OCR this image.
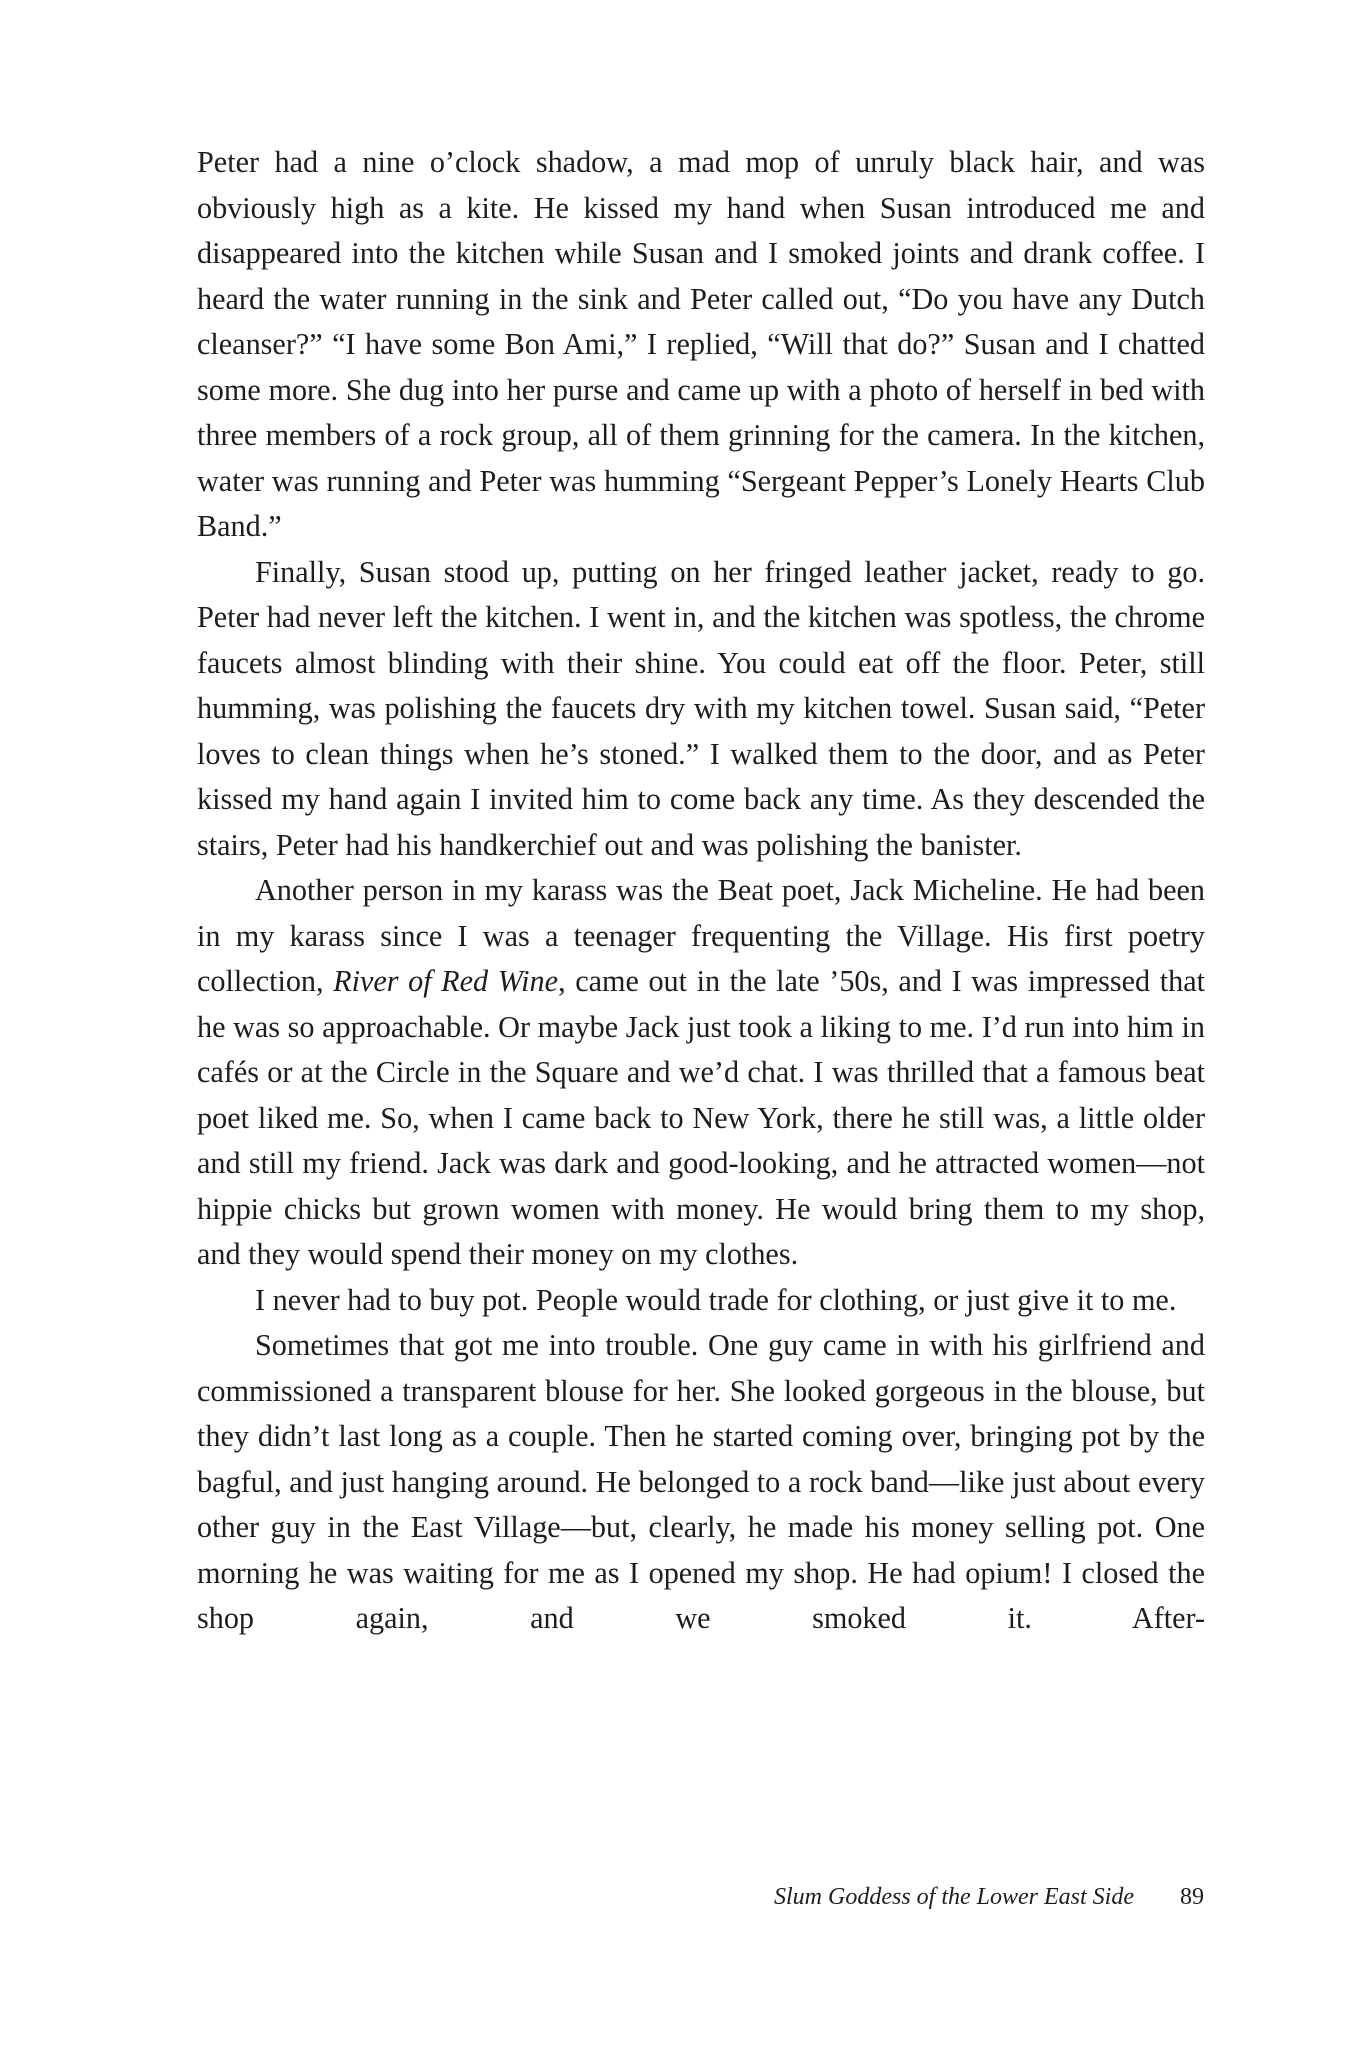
Peter had a nine o’clock shadow, a mad mop of unruly black hair, and was obviously high as a kite. He kissed my hand when Susan introduced me and disappeared into the kitchen while Susan and I smoked joints and drank coffee. I heard the water running in the sink and Peter called out, “Do you have any Dutch cleanser?” “I have some Bon Ami,” I replied, “Will that do?” Susan and I chatted some more. She dug into her purse and came up with a photo of herself in bed with three members of a rock group, all of them grinning for the camera. In the kitchen, water was running and Peter was humming “Sergeant Pepper’s Lonely Hearts Club Band.”

Finally, Susan stood up, putting on her fringed leather jacket, ready to go. Peter had never left the kitchen. I went in, and the kitchen was spotless, the chrome faucets almost blinding with their shine. You could eat off the floor. Peter, still humming, was polishing the faucets dry with my kitchen towel. Susan said, “Peter loves to clean things when he’s stoned.” I walked them to the door, and as Peter kissed my hand again I invited him to come back any time. As they descended the stairs, Peter had his handkerchief out and was polishing the banister.

Another person in my karass was the Beat poet, Jack Micheline. He had been in my karass since I was a teenager frequenting the Village. His first poetry collection, River of Red Wine, came out in the late ’50s, and I was impressed that he was so approachable. Or maybe Jack just took a liking to me. I’d run into him in cafés or at the Circle in the Square and we’d chat. I was thrilled that a famous beat poet liked me. So, when I came back to New York, there he still was, a little older and still my friend. Jack was dark and good-looking, and he attracted women—not hippie chicks but grown women with money. He would bring them to my shop, and they would spend their money on my clothes.

I never had to buy pot. People would trade for clothing, or just give it to me.

Sometimes that got me into trouble. One guy came in with his girlfriend and commissioned a transparent blouse for her. She looked gorgeous in the blouse, but they didn’t last long as a couple. Then he started coming over, bringing pot by the bagful, and just hanging around. He belonged to a rock band—like just about every other guy in the East Village—but, clearly, he made his money selling pot. One morning he was waiting for me as I opened my shop. He had opium! I closed the shop again, and we smoked it. After-

Slum Goddess of the Lower East Side 89
